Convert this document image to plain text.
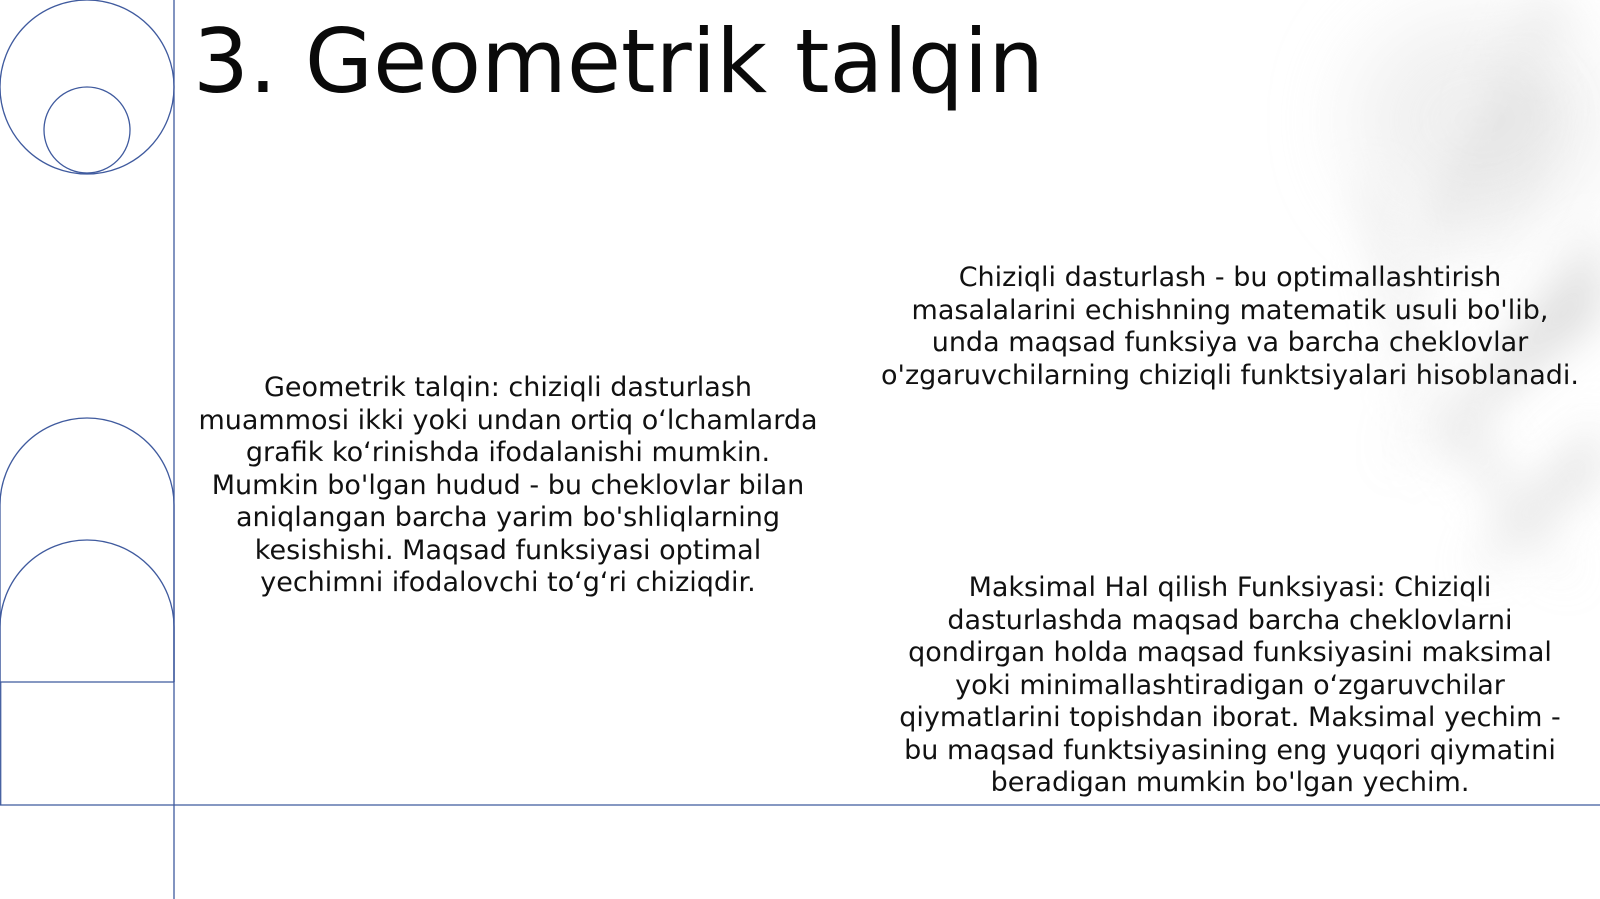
3. Geometrik talqin

Geometrik talqin: chiziqli dasturlash muammosi ikki yoki undan ortiq o‘lchamlarda grafik ko‘rinishda ifodalanishi mumkin. Mumkin bo'lgan hudud - bu cheklovlar bilan aniqlangan barcha yarim bo'shliqlarning kesishishi. Maqsad funksiyasi optimal yechimni ifodalovchi to‘g‘ri chiziqdir.

Chiziqli dasturlash - bu optimallashtirish masalalarini echishning matematik usuli bo'lib, unda maqsad funksiya va barcha cheklovlar o'zgaruvchilarning chiziqli funktsiyalari hisoblanadi.

Maksimal Hal qilish Funksiyasi: Chiziqli dasturlashda maqsad barcha cheklovlarni qondirgan holda maqsad funksiyasini maksimal yoki minimallashtiradigan o‘zgaruvchilar qiymatlarini topishdan iborat. Maksimal yechim - bu maqsad funktsiyasining eng yuqori qiymatini beradigan mumkin bo'lgan yechim.
